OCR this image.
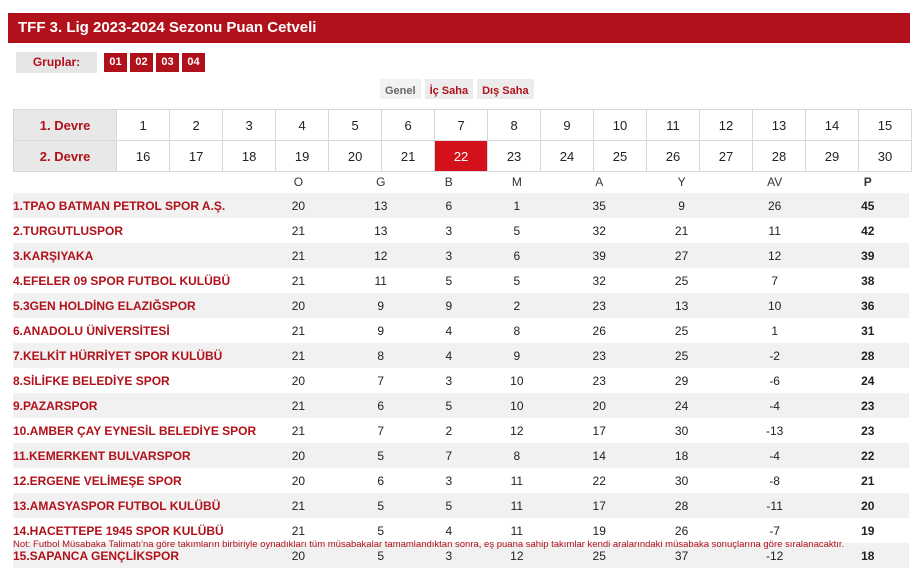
TFF 3. Lig 2023-2024 Sezonu Puan Cetveli
Gruplar:	01	02	03	04
Genel	İç Saha	Dış Saha
1. Devre	1	2	3	4	5	6	7	8	9	10	11	12	13	14	15
2. Devre	16	17	18	19	20	21	22	23	24	25	26	27	28	29	30
	O	G	B	M	A	Y	AV	P
1.TPAO BATMAN PETROL SPOR A.Ş.	20	13	6	1	35	9	26	45
2.TURGUTLUSPOR	21	13	3	5	32	21	11	42
3.KARŞIYAKA	21	12	3	6	39	27	12	39
4.EFELER 09 SPOR FUTBOL KULÜBÜ	21	11	5	5	32	25	7	38
5.3GEN HOLDİNG ELAZIĞSPOR	20	9	9	2	23	13	10	36
6.ANADOLU ÜNİVERSİTESİ	21	9	4	8	26	25	1	31
7.KELKİT HÜRRİYET SPOR KULÜBÜ	21	8	4	9	23	25	-2	28
8.SİLİFKE BELEDİYE SPOR	20	7	3	10	23	29	-6	24
9.PAZARSPOR	21	6	5	10	20	24	-4	23
10.AMBER ÇAY EYNESİL BELEDİYE SPOR	21	7	2	12	17	30	-13	23
11.KEMERKENT BULVARSPOR	20	5	7	8	14	18	-4	22
12.ERGENE VELİMEŞE SPOR	20	6	3	11	22	30	-8	21
13.AMASYASPOR FUTBOL KULÜBÜ	21	5	5	11	17	28	-11	20
14.HACETTEPE 1945 SPOR KULÜBÜ	21	5	4	11	19	26	-7	19
15.SAPANCA GENÇLİKSPOR	20	5	3	12	25	37	-12	18
Not: Futbol Müsabaka Talimatı'na göre takımların birbiriyle oynadıkları tüm müsabakalar tamamlandıktan sonra, eş puana sahip takımlar kendi aralarındaki müsabaka sonuçlarına göre sıralanacaktır.
